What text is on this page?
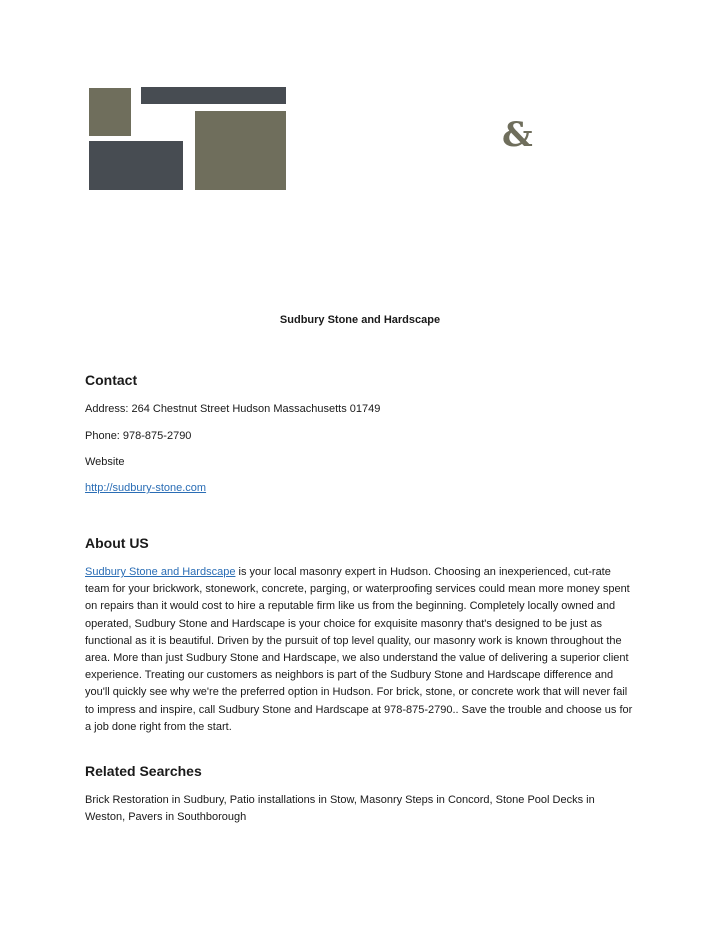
&
Sudbury Stone and Hardscape
Contact
Address: 264 Chestnut Street Hudson Massachusetts 01749
Phone: 978-875-2790
Website
http://sudbury-stone.com
About US
Sudbury Stone and Hardscape is your local masonry expert in Hudson. Choosing an inexperienced, cut-rate team for your brickwork, stonework, concrete, parging, or waterproofing services could mean more money spent on repairs than it would cost to hire a reputable firm like us from the beginning. Completely locally owned and operated, Sudbury Stone and Hardscape is your choice for exquisite masonry that's designed to be just as functional as it is beautiful. Driven by the pursuit of top level quality, our masonry work is known throughout the area. More than just Sudbury Stone and Hardscape, we also understand the value of delivering a superior client experience. Treating our customers as neighbors is part of the Sudbury Stone and Hardscape difference and you'll quickly see why we're the preferred option in Hudson. For brick, stone, or concrete work that will never fail to impress and inspire, call Sudbury Stone and Hardscape at 978-875-2790.. Save the trouble and choose us for a job done right from the start.
Related Searches
Brick Restoration in Sudbury, Patio installations in Stow, Masonry Steps in Concord, Stone Pool Decks in Weston, Pavers in Southborough
